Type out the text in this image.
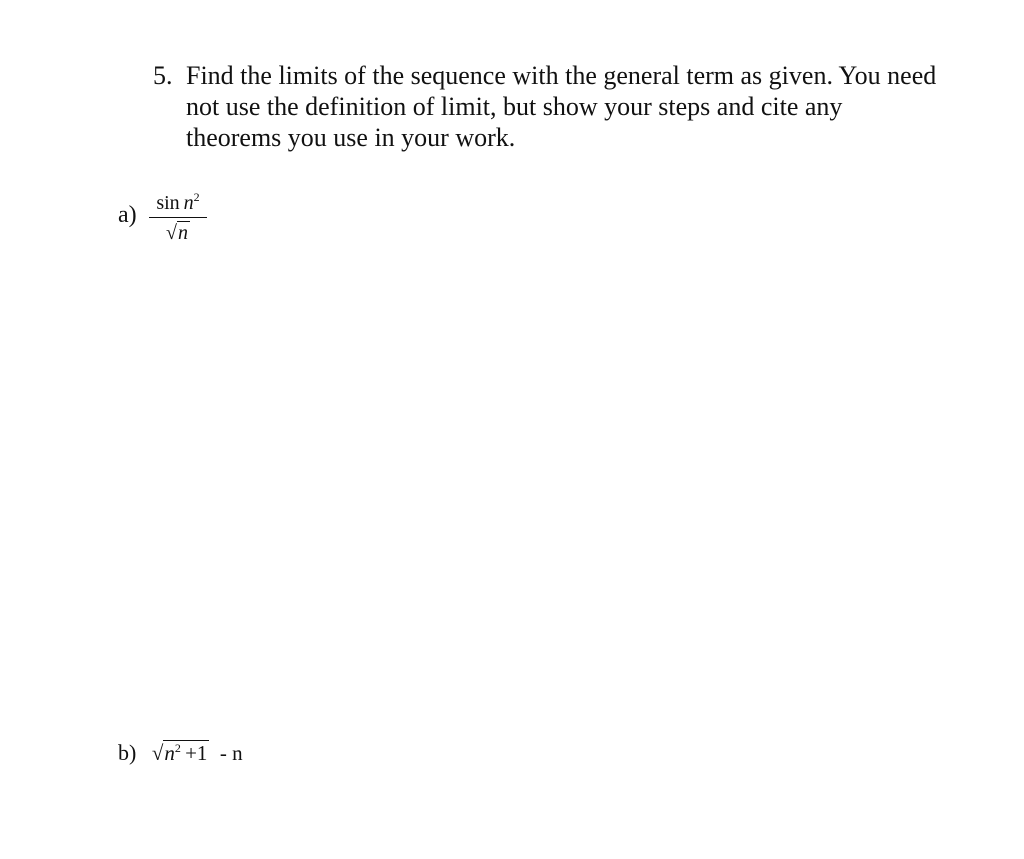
5. Find the limits of the sequence with the general term as given. You need not use the definition of limit, but show your steps and cite any theorems you use in your work.
a) $\sin n^2$
√n
b) $√n^2 +1$  - n
